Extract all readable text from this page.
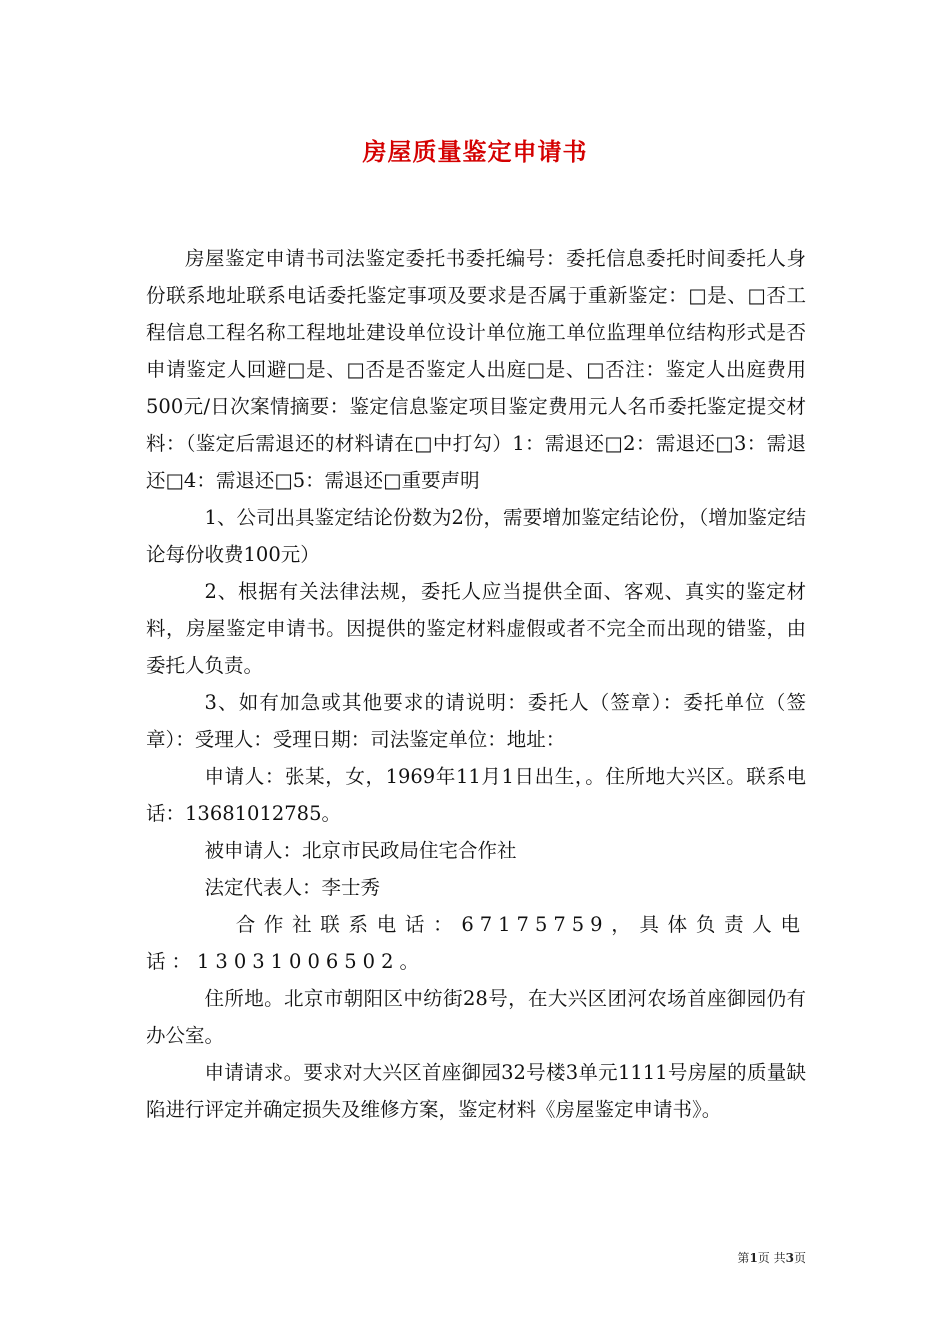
房屋质量鉴定申请书

房屋鉴定申请书司法鉴定委托书委托编号：委托信息委托时间委托人身份联系地址联系电话委托鉴定事项及要求是否属于重新鉴定：□是、□否工程信息工程名称工程地址建设单位设计单位施工单位监理单位结构形式是否申请鉴定人回避□是、□否是否鉴定人出庭□是、□否注：鉴定人出庭费用500元/日次案情摘要：鉴定信息鉴定项目鉴定费用元人名币委托鉴定提交材料：（鉴定后需退还的材料请在□中打勾）1：需退还□2：需退还□3：需退还□4：需退还□5：需退还□重要声明

1、公司出具鉴定结论份数为2份，需要增加鉴定结论份，（增加鉴定结论每份收费100元）

2、根据有关法律法规，委托人应当提供全面、客观、真实的鉴定材料，房屋鉴定申请书。因提供的鉴定材料虚假或者不完全而出现的错鉴，由委托人负责。

3、如有加急或其他要求的请说明：委托人（签章）：委托单位（签章）：受理人：受理日期：司法鉴定单位：地址：

申请人：张某，女，1969年11月1日出生，。住所地大兴区。联系电话：13681012785。

被申请人：北京市民政局住宅合作社

法定代表人：李士秀

合作社联系电话：67175759，具体负责人电话：13031006502。

住所地。北京市朝阳区中纺街28号，在大兴区团河农场首座御园仍有办公室。

申请请求。要求对大兴区首座御园32号楼3单元1111号房屋的质量缺陷进行评定并确定损失及维修方案，鉴定材料《房屋鉴定申请书》。

第1页 共3页
